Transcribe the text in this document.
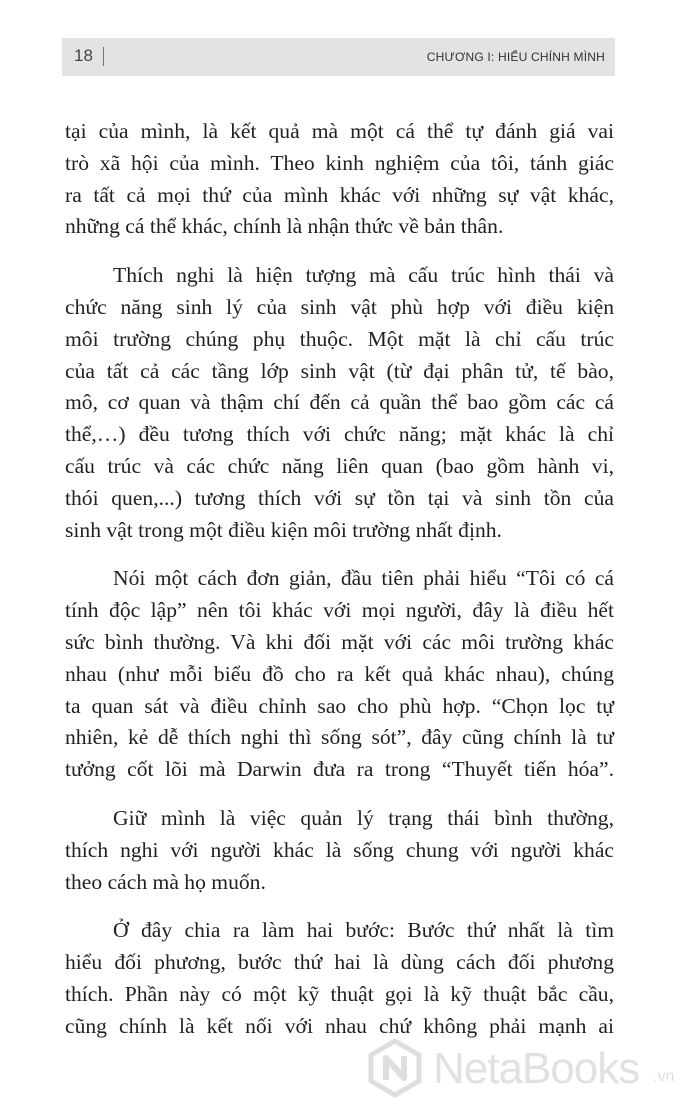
18	CHƯƠNG I: HIỂU CHÍNH MÌNH

tại của mình, là kết quả mà một cá thể tự đánh giá vai
trò xã hội của mình. Theo kinh nghiệm của tôi, tánh giác
ra tất cả mọi thứ của mình khác với những sự vật khác,
những cá thể khác, chính là nhận thức về bản thân.

Thích nghi là hiện tượng mà cấu trúc hình thái và
chức năng sinh lý của sinh vật phù hợp với điều kiện
môi trường chúng phụ thuộc. Một mặt là chỉ cấu trúc
của tất cả các tầng lớp sinh vật (từ đại phân tử, tế bào,
mô, cơ quan và thậm chí đến cả quần thể bao gồm các cá
thể,…) đều tương thích với chức năng; mặt khác là chỉ
cấu trúc và các chức năng liên quan (bao gồm hành vi,
thói quen,...) tương thích với sự tồn tại và sinh tồn của
sinh vật trong một điều kiện môi trường nhất định.

Nói một cách đơn giản, đầu tiên phải hiểu “Tôi có cá
tính độc lập” nên tôi khác với mọi người, đây là điều hết
sức bình thường. Và khi đối mặt với các môi trường khác
nhau (như mỗi biểu đồ cho ra kết quả khác nhau), chúng
ta quan sát và điều chỉnh sao cho phù hợp. “Chọn lọc tự
nhiên, kẻ dễ thích nghi thì sống sót”, đây cũng chính là tư
tưởng cốt lõi mà Darwin đưa ra trong “Thuyết tiến hóa”.

Giữ mình là việc quản lý trạng thái bình thường,
thích nghi với người khác là sống chung với người khác
theo cách mà họ muốn.

Ở đây chia ra làm hai bước: Bước thứ nhất là tìm
hiểu đối phương, bước thứ hai là dùng cách đối phương
thích. Phần này có một kỹ thuật gọi là kỹ thuật bắc cầu,
cũng chính là kết nối với nhau chứ không phải mạnh ai

NetaBooks .vn
